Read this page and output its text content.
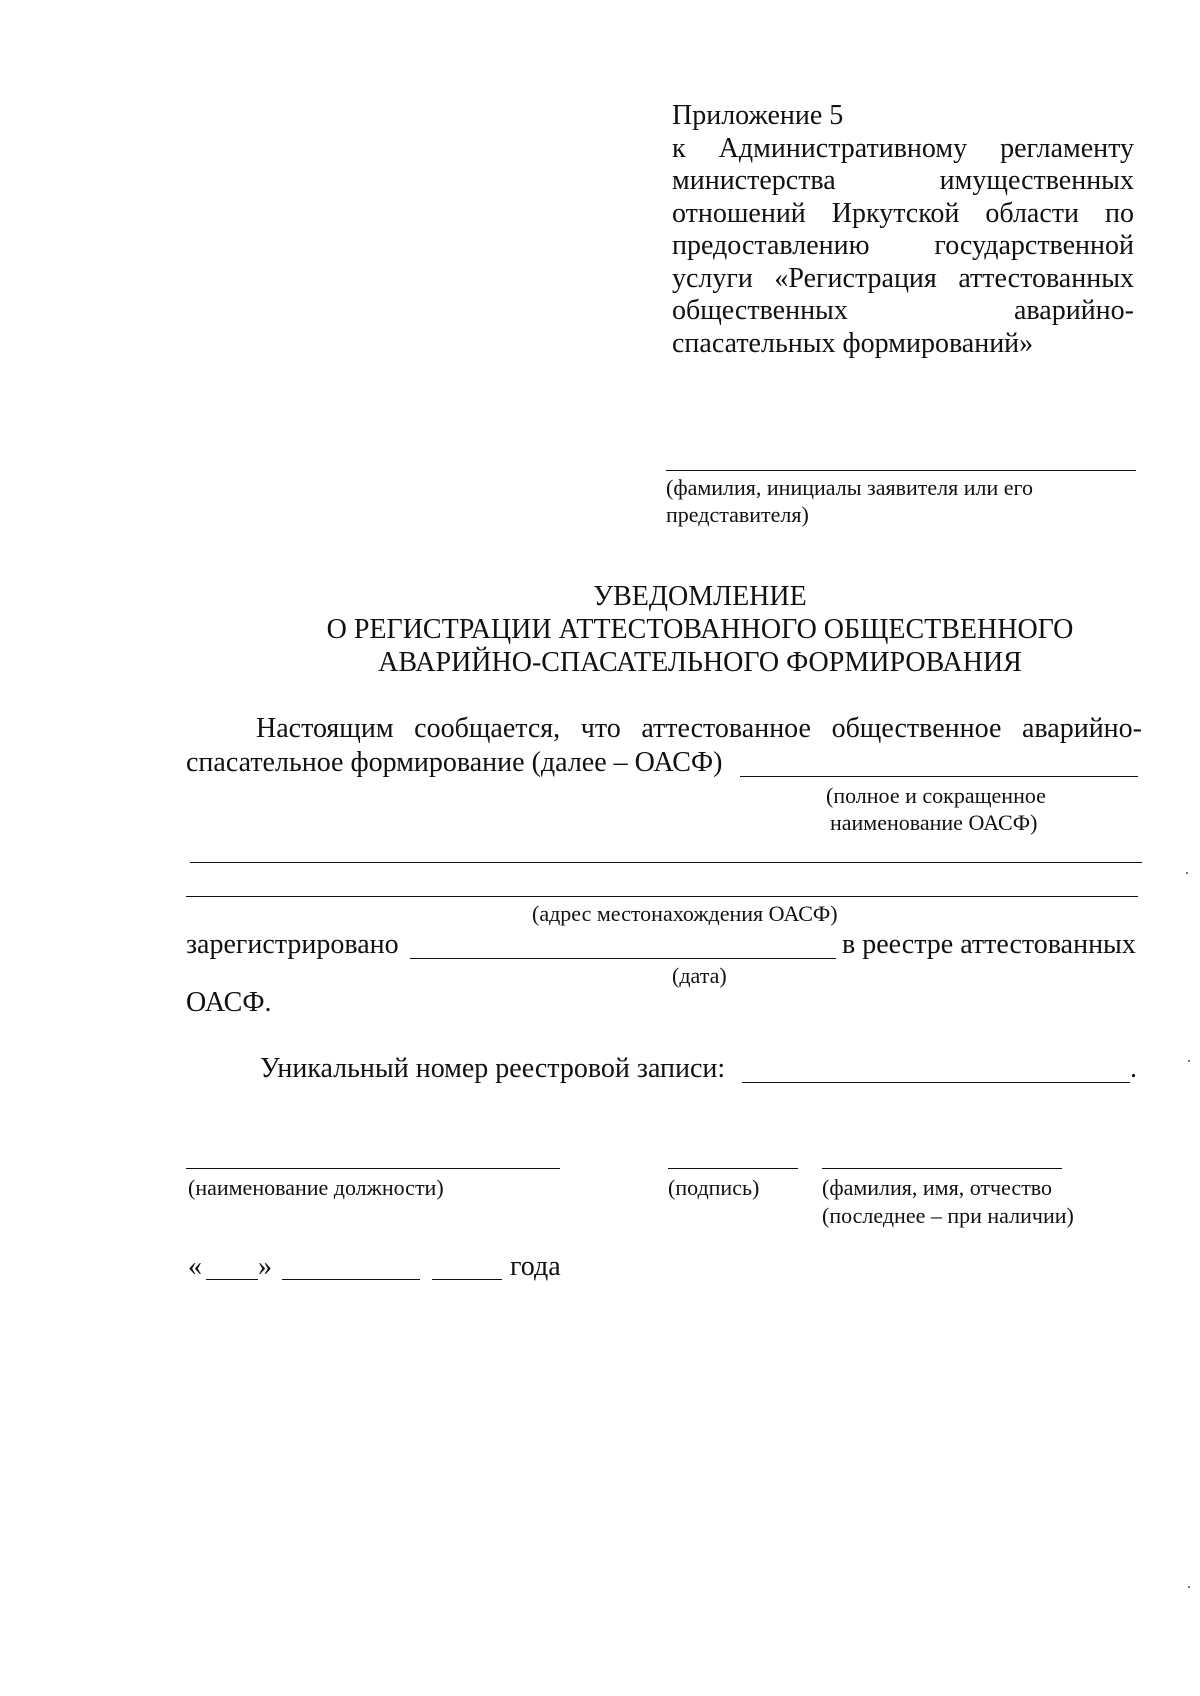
Приложение 5
к Административному регламенту
министерства имущественных
отношений Иркутской области по
предоставлению государственной
услуги «Регистрация аттестованных
общественных аварийно-
спасательных формирований»
(фамилия, инициалы заявителя или его
представителя)
УВЕДОМЛЕНИЕ
О РЕГИСТРАЦИИ АТТЕСТОВАННОГО ОБЩЕСТВЕННОГО
АВАРИЙНО-СПАСАТЕЛЬНОГО ФОРМИРОВАНИЯ
Настоящим сообщается, что аттестованное общественное аварийно-
спасательное формирование (далее – ОАСФ)
(полное и сокращенное
наименование ОАСФ)
(адрес местонахождения ОАСФ)
зарегистрировано	в реестре аттестованных
(дата)
ОАСФ.
Уникальный номер реестровой записи:	.
(наименование должности)	(подпись)	(фамилия, имя, отчество
(последнее – при наличии)
« »	года
